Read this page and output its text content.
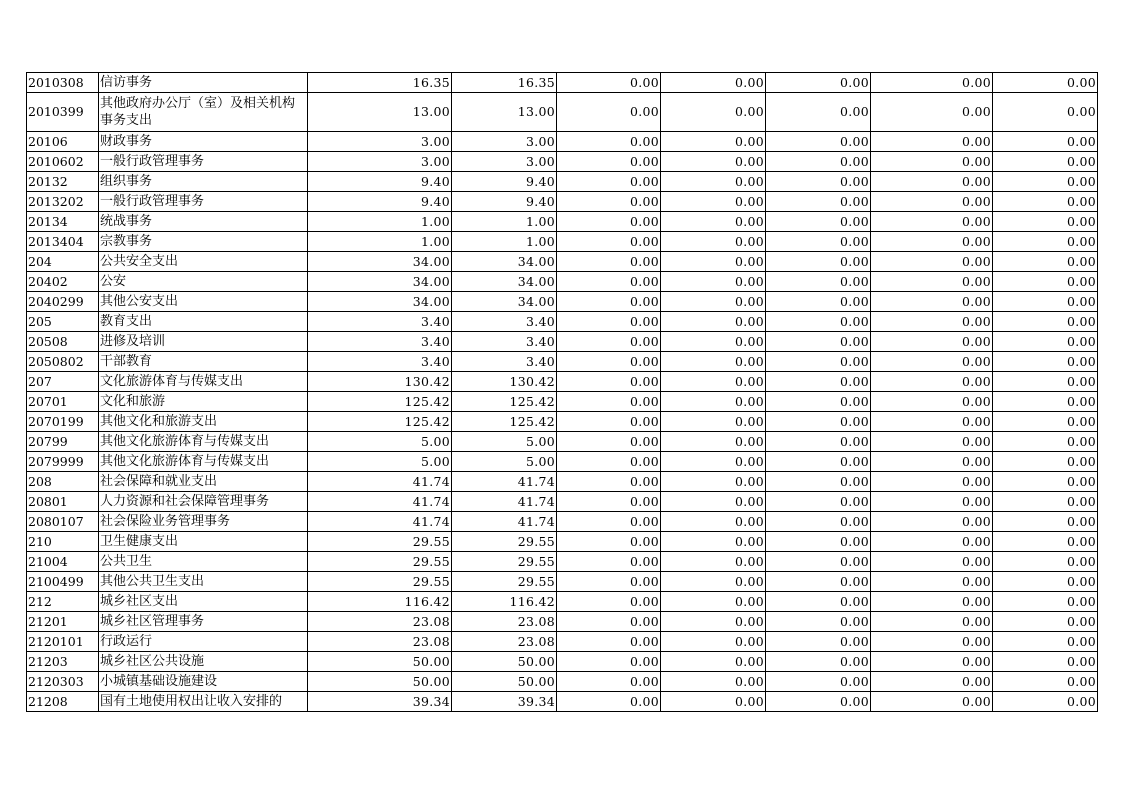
2010308	信访事务	16.35	16.35	0.00	0.00	0.00	0.00	0.00
2010399	其他政府办公厅（室）及相关机构事务支出	13.00	13.00	0.00	0.00	0.00	0.00	0.00
20106	财政事务	3.00	3.00	0.00	0.00	0.00	0.00	0.00
2010602	一般行政管理事务	3.00	3.00	0.00	0.00	0.00	0.00	0.00
20132	组织事务	9.40	9.40	0.00	0.00	0.00	0.00	0.00
2013202	一般行政管理事务	9.40	9.40	0.00	0.00	0.00	0.00	0.00
20134	统战事务	1.00	1.00	0.00	0.00	0.00	0.00	0.00
2013404	宗教事务	1.00	1.00	0.00	0.00	0.00	0.00	0.00
204	公共安全支出	34.00	34.00	0.00	0.00	0.00	0.00	0.00
20402	公安	34.00	34.00	0.00	0.00	0.00	0.00	0.00
2040299	其他公安支出	34.00	34.00	0.00	0.00	0.00	0.00	0.00
205	教育支出	3.40	3.40	0.00	0.00	0.00	0.00	0.00
20508	进修及培训	3.40	3.40	0.00	0.00	0.00	0.00	0.00
2050802	干部教育	3.40	3.40	0.00	0.00	0.00	0.00	0.00
207	文化旅游体育与传媒支出	130.42	130.42	0.00	0.00	0.00	0.00	0.00
20701	文化和旅游	125.42	125.42	0.00	0.00	0.00	0.00	0.00
2070199	其他文化和旅游支出	125.42	125.42	0.00	0.00	0.00	0.00	0.00
20799	其他文化旅游体育与传媒支出	5.00	5.00	0.00	0.00	0.00	0.00	0.00
2079999	其他文化旅游体育与传媒支出	5.00	5.00	0.00	0.00	0.00	0.00	0.00
208	社会保障和就业支出	41.74	41.74	0.00	0.00	0.00	0.00	0.00
20801	人力资源和社会保障管理事务	41.74	41.74	0.00	0.00	0.00	0.00	0.00
2080107	社会保险业务管理事务	41.74	41.74	0.00	0.00	0.00	0.00	0.00
210	卫生健康支出	29.55	29.55	0.00	0.00	0.00	0.00	0.00
21004	公共卫生	29.55	29.55	0.00	0.00	0.00	0.00	0.00
2100499	其他公共卫生支出	29.55	29.55	0.00	0.00	0.00	0.00	0.00
212	城乡社区支出	116.42	116.42	0.00	0.00	0.00	0.00	0.00
21201	城乡社区管理事务	23.08	23.08	0.00	0.00	0.00	0.00	0.00
2120101	行政运行	23.08	23.08	0.00	0.00	0.00	0.00	0.00
21203	城乡社区公共设施	50.00	50.00	0.00	0.00	0.00	0.00	0.00
2120303	小城镇基础设施建设	50.00	50.00	0.00	0.00	0.00	0.00	0.00
21208	国有土地使用权出让收入安排的	39.34	39.34	0.00	0.00	0.00	0.00	0.00
